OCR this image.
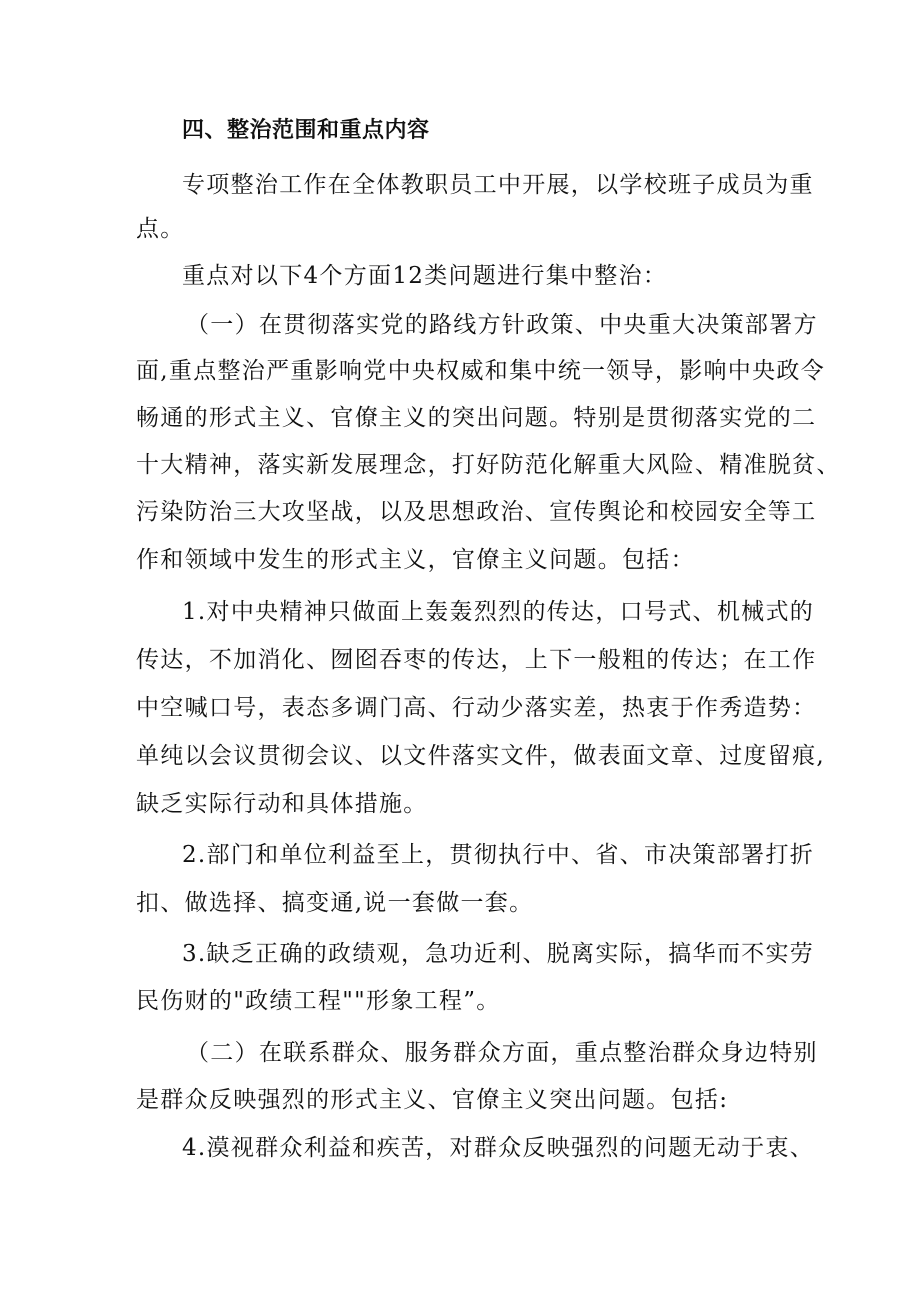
四、整治范围和重点内容
专项整治工作在全体教职员工中开展，以学校班子成员为重
点。
重点对以下4个方面12类问题进行集中整治：
（一）在贯彻落实党的路线方针政策、中央重大决策部署方
面,重点整治严重影响党中央权威和集中统一领导，影响中央政令
畅通的形式主义、官僚主义的突出问题。特别是贯彻落实党的二
十大精神，落实新发展理念，打好防范化解重大风险、精准脱贫、
污染防治三大攻坚战，以及思想政治、宣传舆论和校园安全等工
作和领域中发生的形式主义，官僚主义问题。包括：
1.对中央精神只做面上轰轰烈烈的传达，口号式、机械式的
传达，不加消化、囫囵吞枣的传达，上下一般粗的传达；在工作
中空喊口号，表态多调门高、行动少落实差，热衷于作秀造势：
单纯以会议贯彻会议、以文件落实文件，做表面文章、过度留痕,
缺乏实际行动和具体措施。
2.部门和单位利益至上，贯彻执行中、省、市决策部署打折
扣、做选择、搞变通,说一套做一套。
3.缺乏正确的政绩观，急功近利、脱离实际，搞华而不实劳
民伤财的"政绩工程""形象工程”。
（二）在联系群众、服务群众方面，重点整治群众身边特别
是群众反映强烈的形式主义、官僚主义突出问题。包括:
4.漠视群众利益和疾苦，对群众反映强烈的问题无动于衷、
